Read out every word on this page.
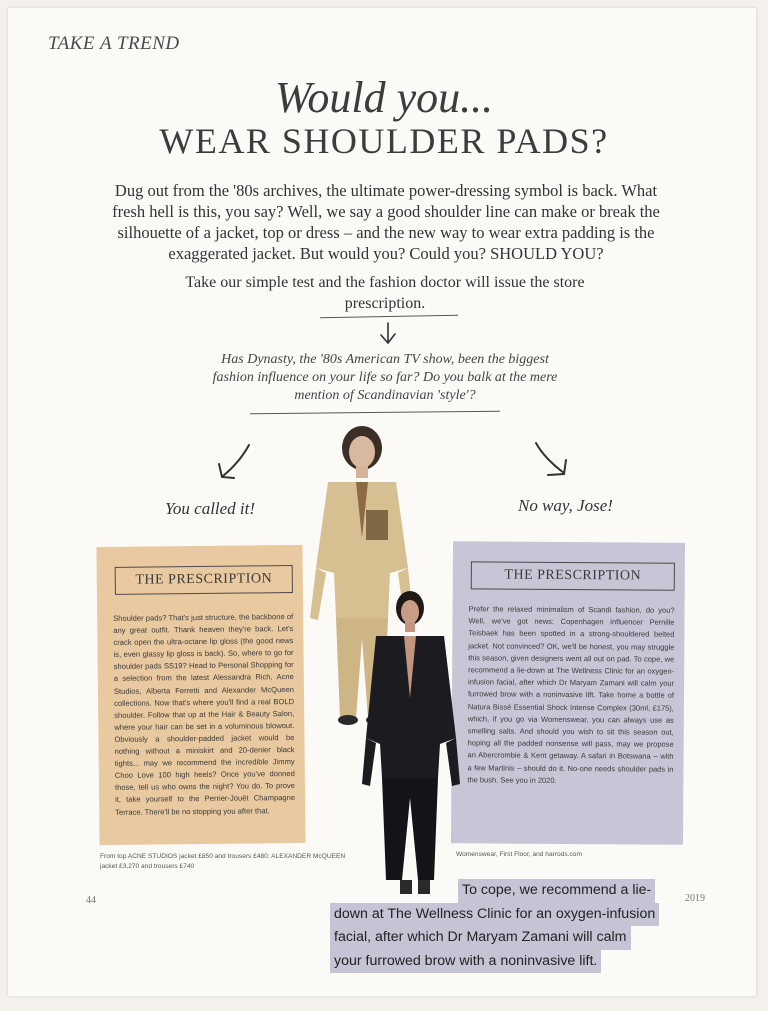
TAKE A TREND
Would you...
WEAR SHOULDER PADS?
Dug out from the '80s archives, the ultimate power-dressing symbol is back. What fresh hell is this, you say? Well, we say a good shoulder line can make or break the silhouette of a jacket, top or dress – and the new way to wear extra padding is the exaggerated jacket. But would you? Could you? SHOULD YOU?
Take our simple test and the fashion doctor will issue the store prescription.
Has Dynasty, the '80s American TV show, been the biggest fashion influence on your life so far? Do you balk at the mere mention of Scandinavian 'style'?
You called it!	No way, Jose!
THE PRESCRIPTION
Shoulder pads? That's just structure, the backbone of any great outfit. Thank heaven they're back. Let's crack open the ultra-octane lip gloss (the good news is, even glassy lip gloss is back). So, where to go for shoulder pads SS19? Head to Personal Shopping for a selection from the latest Alessandra Rich, Acne Studios, Alberta Ferretti and Alexander McQueen collections. Now that's where you'll find a real BOLD shoulder. Follow that up at the Hair & Beauty Salon, where your hair can be set in a voluminous blowout. Obviously a shoulder-padded jacket would be nothing without a miniskirt and 20-denier black tights... may we recommend the incredible Jimmy Choo Love 100 high heels? Once you've donned those, tell us who owns the night? You do. To prove it, take yourself to the Perrier-Jouët Champagne Terrace. There'll be no stopping you after that.
THE PRESCRIPTION
Prefer the relaxed minimalism of Scandi fashion, do you? Well, we've got news: Copenhagen influencer Pernille Teisbaek has been spotted in a strong-shouldered belted jacket. Not convinced? OK, we'll be honest, you may struggle this season, given designers went all out on pad. To cope, we recommend a lie-down at The Wellness Clinic for an oxygen-infusion facial, after which Dr Maryam Zamani will calm your furrowed brow with a noninvasive lift. Take home a bottle of Natura Bissé Essential Shock Intense Complex (30ml, £175), which, if you go via Womenswear, you can always use as smelling salts. And should you wish to sit this season out, hoping all the padded nonsense will pass, may we propose an Abercrombie & Kent getaway. A safari in Botswana – with a few Martinis – should do it. No-one needs shoulder pads in the bush. See you in 2020.
From top ACNE STUDIOS jacket £850 and trousers £480; ALEXANDER McQUEEN jacket £3,270 and trousers £740
Womenswear, First Floor, and harrods.com
44	2019
To cope, we recommend a lie-
down at The Wellness Clinic for an oxygen-infusion
facial, after which Dr Maryam Zamani will calm
your furrowed brow with a noninvasive lift.
